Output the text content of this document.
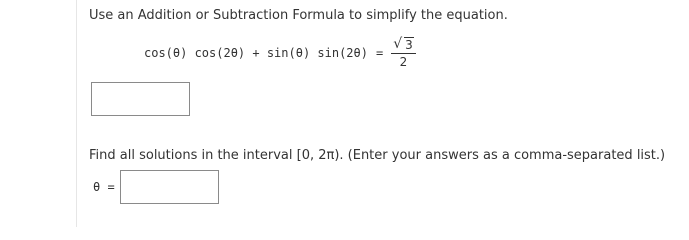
Use an Addition or Subtraction Formula to simplify the equation.
cos(θ) cos(2θ) + sin(θ) $\sin(2\theta) = \frac{√ 3}{2}$
Find all solutions in the interval [0, 2π). (Enter your answers as a comma-separated list.)
θ =
